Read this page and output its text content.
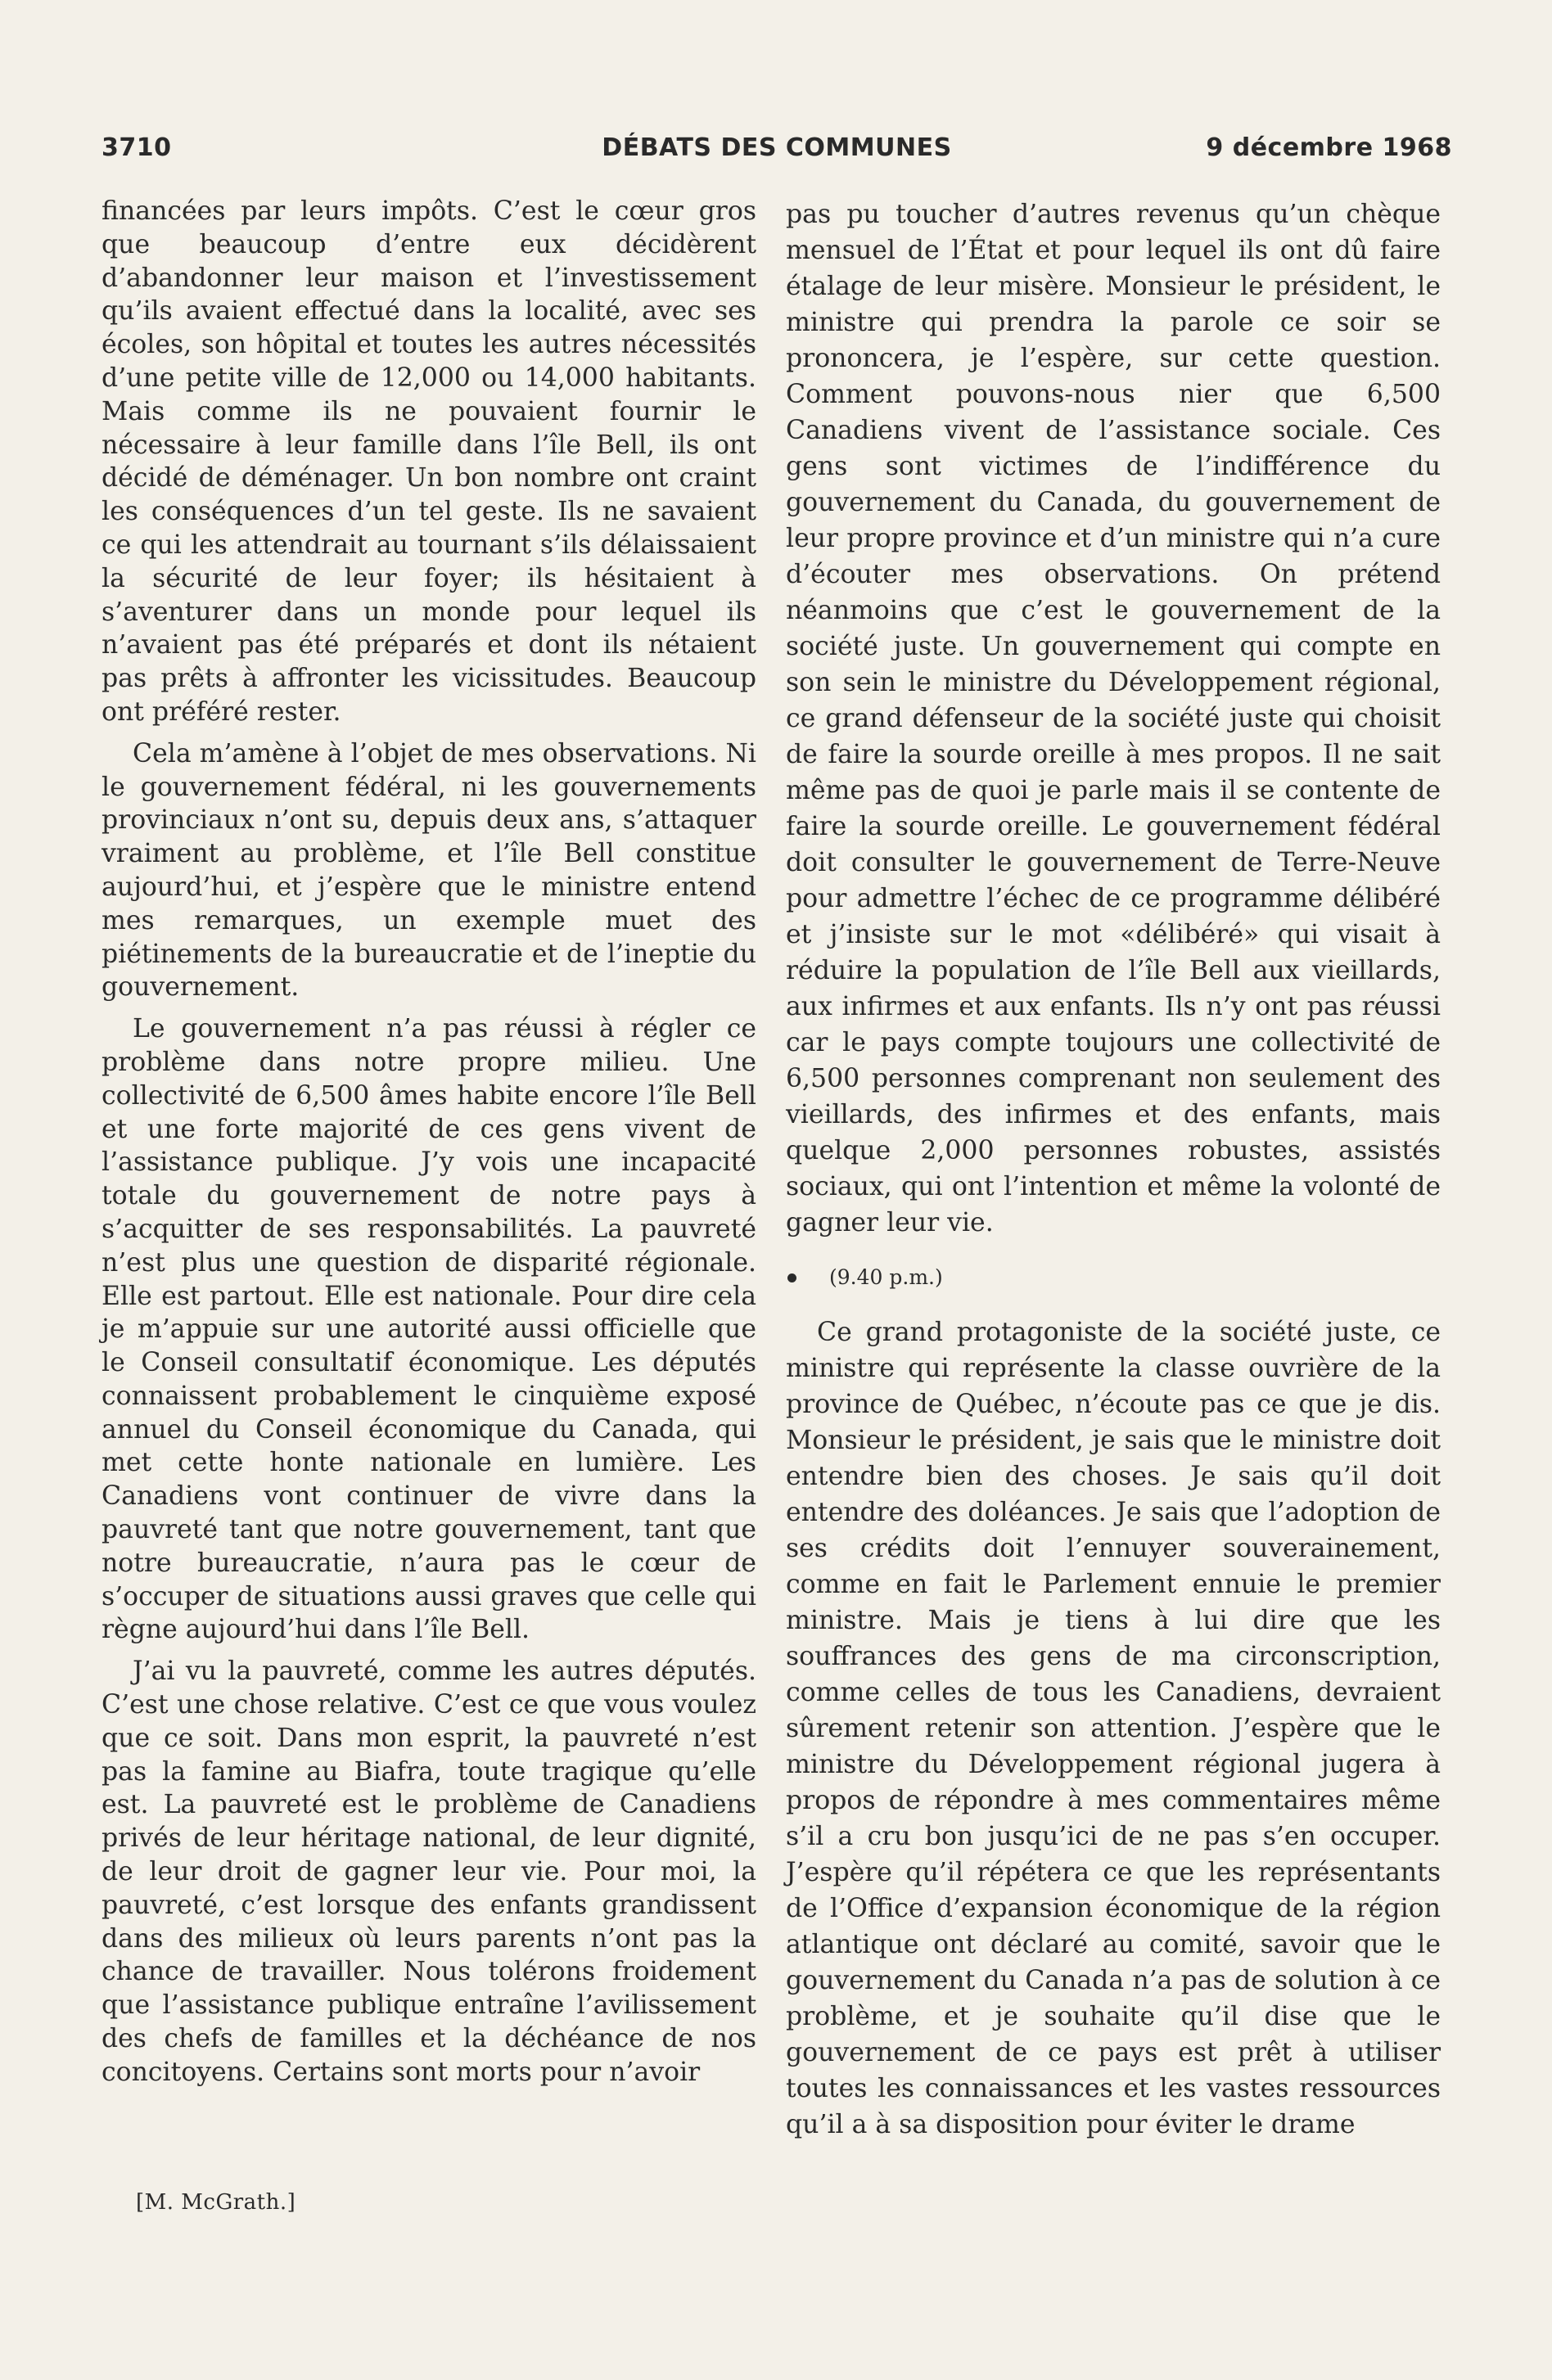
3710	DÉBATS DES COMMUNES	9 décembre 1968

financées par leurs impôts. C’est le cœur gros que beaucoup d’entre eux décidèrent d’abandonner leur maison et l’investissement qu’ils avaient effectué dans la localité, avec ses écoles, son hôpital et toutes les autres nécessités d’une petite ville de 12,000 ou 14,000 habitants. Mais comme ils ne pouvaient fournir le nécessaire à leur famille dans l’île Bell, ils ont décidé de déménager. Un bon nombre ont craint les conséquences d’un tel geste. Ils ne savaient ce qui les attendrait au tournant s’ils délaissaient la sécurité de leur foyer; ils hésitaient à s’aventurer dans un monde pour lequel ils n’avaient pas été préparés et dont ils nétaient pas prêts à affronter les vicissitudes. Beaucoup ont préféré rester.

Cela m’amène à l’objet de mes observations. Ni le gouvernement fédéral, ni les gouvernements provinciaux n’ont su, depuis deux ans, s’attaquer vraiment au problème, et l’île Bell constitue aujourd’hui, et j’espère que le ministre entend mes remarques, un exemple muet des piétinements de la bureaucratie et de l’ineptie du gouvernement.

Le gouvernement n’a pas réussi à régler ce problème dans notre propre milieu. Une collectivité de 6,500 âmes habite encore l’île Bell et une forte majorité de ces gens vivent de l’assistance publique. J’y vois une incapacité totale du gouvernement de notre pays à s’acquitter de ses responsabilités. La pauvreté n’est plus une question de disparité régionale. Elle est partout. Elle est nationale. Pour dire cela je m’appuie sur une autorité aussi officielle que le Conseil consultatif économique. Les députés connaissent probablement le cinquième exposé annuel du Conseil économique du Canada, qui met cette honte nationale en lumière. Les Canadiens vont continuer de vivre dans la pauvreté tant que notre gouvernement, tant que notre bureaucratie, n’aura pas le cœur de s’occuper de situations aussi graves que celle qui règne aujourd’hui dans l’île Bell.

J’ai vu la pauvreté, comme les autres députés. C’est une chose relative. C’est ce que vous voulez que ce soit. Dans mon esprit, la pauvreté n’est pas la famine au Biafra, toute tragique qu’elle est. La pauvreté est le problème de Canadiens privés de leur héritage national, de leur dignité, de leur droit de gagner leur vie. Pour moi, la pauvreté, c’est lorsque des enfants grandissent dans des milieux où leurs parents n’ont pas la chance de travailler. Nous tolérons froidement que l’assistance publique entraîne l’avilissement des chefs de familles et la déchéance de nos concitoyens. Certains sont morts pour n’avoir

pas pu toucher d’autres revenus qu’un chèque mensuel de l’État et pour lequel ils ont dû faire étalage de leur misère. Monsieur le président, le ministre qui prendra la parole ce soir se prononcera, je l’espère, sur cette question. Comment pouvons-nous nier que 6,500 Canadiens vivent de l’assistance sociale. Ces gens sont victimes de l’indifférence du gouvernement du Canada, du gouvernement de leur propre province et d’un ministre qui n’a cure d’écouter mes observations. On prétend néanmoins que c’est le gouvernement de la société juste. Un gouvernement qui compte en son sein le ministre du Développement régional, ce grand défenseur de la société juste qui choisit de faire la sourde oreille à mes propos. Il ne sait même pas de quoi je parle mais il se contente de faire la sourde oreille. Le gouvernement fédéral doit consulter le gouvernement de Terre-Neuve pour admettre l’échec de ce programme délibéré et j’insiste sur le mot «délibéré» qui visait à réduire la population de l’île Bell aux vieillards, aux infirmes et aux enfants. Ils n’y ont pas réussi car le pays compte toujours une collectivité de 6,500 personnes comprenant non seulement des vieillards, des infirmes et des enfants, mais quelque 2,000 personnes robustes, assistés sociaux, qui ont l’intention et même la volonté de gagner leur vie.

(9.40 p.m.)

Ce grand protagoniste de la société juste, ce ministre qui représente la classe ouvrière de la province de Québec, n’écoute pas ce que je dis. Monsieur le président, je sais que le ministre doit entendre bien des choses. Je sais qu’il doit entendre des doléances. Je sais que l’adoption de ses crédits doit l’ennuyer souverainement, comme en fait le Parlement ennuie le premier ministre. Mais je tiens à lui dire que les souffrances des gens de ma circonscription, comme celles de tous les Canadiens, devraient sûrement retenir son attention. J’espère que le ministre du Développement régional jugera à propos de répondre à mes commentaires même s’il a cru bon jusqu’ici de ne pas s’en occuper. J’espère qu’il répétera ce que les représentants de l’Office d’expansion économique de la région atlantique ont déclaré au comité, savoir que le gouvernement du Canada n’a pas de solution à ce problème, et je souhaite qu’il dise que le gouvernement de ce pays est prêt à utiliser toutes les connaissances et les vastes ressources qu’il a à sa disposition pour éviter le drame

[M. McGrath.]
